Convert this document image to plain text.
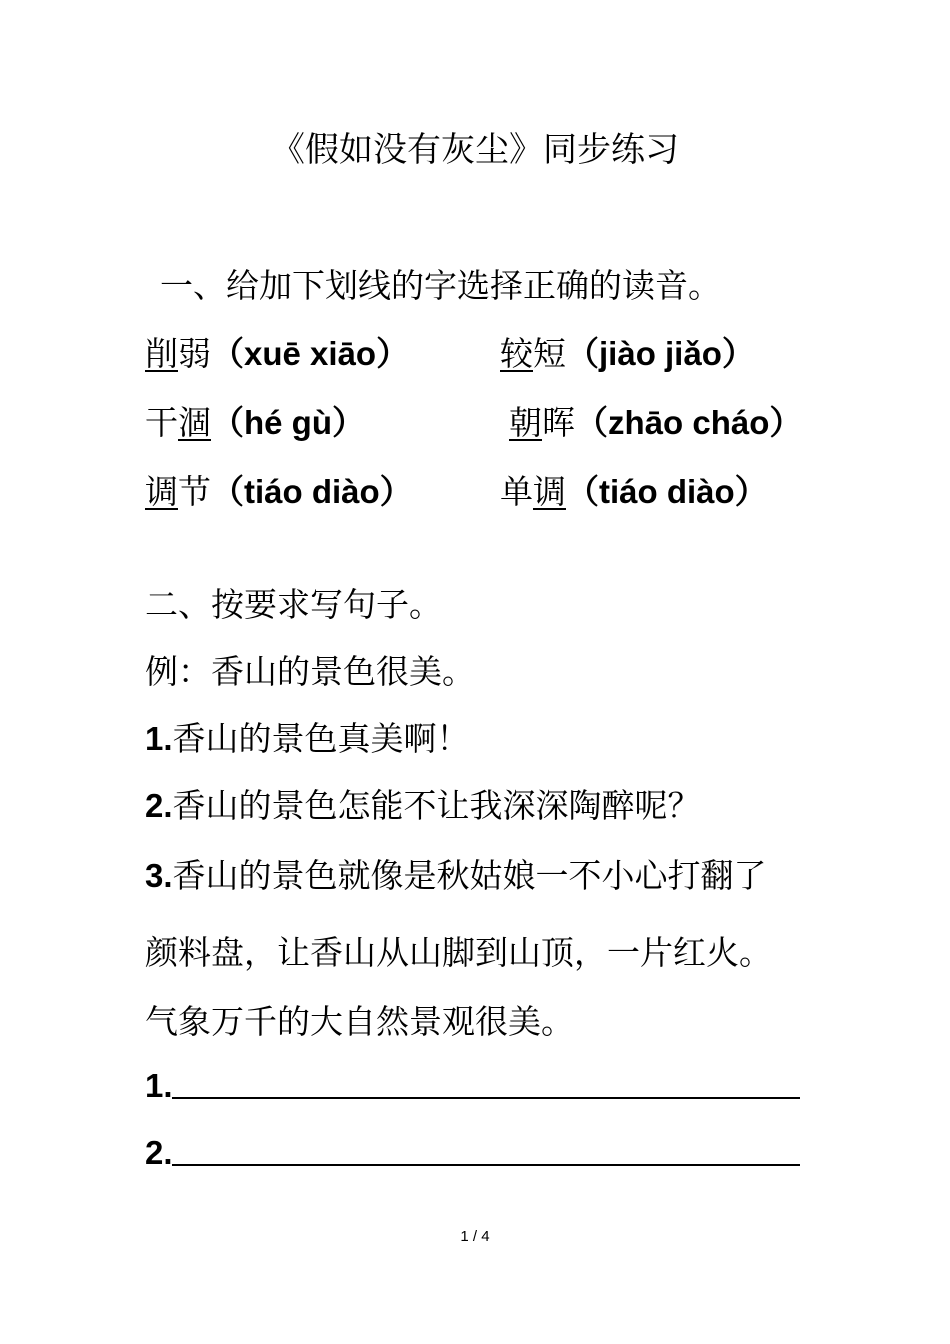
《假如没有灰尘》同步练习
一、给加下划线的字选择正确的读音。
削弱（xuē xiāo）	较短（jiào jiǎo）
干涸（hé gù）	朝晖（zhāo cháo）
调节（tiáo diào）	单调（tiáo diào）
二、按要求写句子。
例：香山的景色很美。
1.香山的景色真美啊！
2.香山的景色怎能不让我深深陶醉呢？
3.香山的景色就像是秋姑娘一不小心打翻了
颜料盘，让香山从山脚到山顶，一片红火。
气象万千的大自然景观很美。
1.
2.
1 / 4
